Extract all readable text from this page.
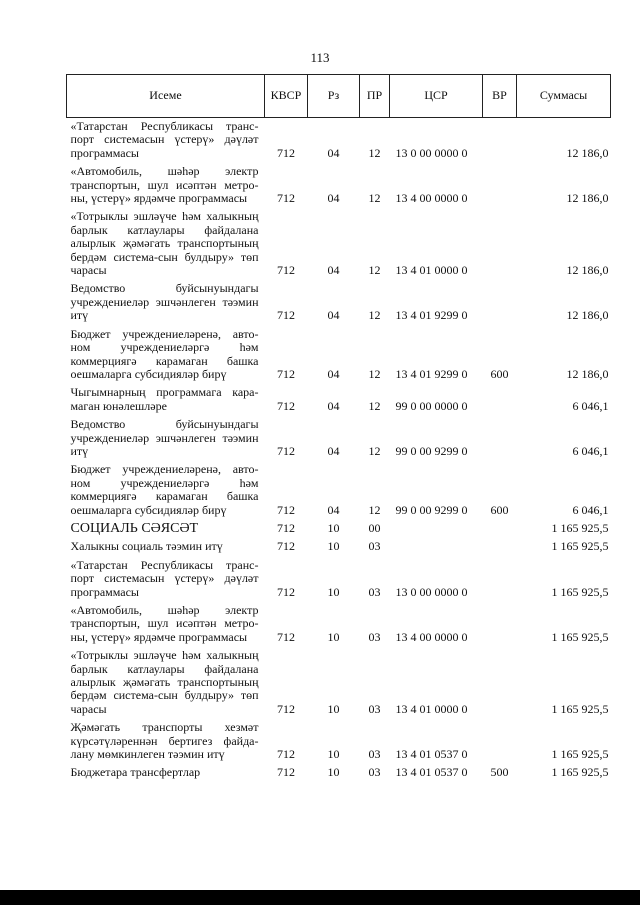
113
Исеме	КВСР	Рз	ПР	ЦСР	ВР	Суммасы
«Татарстан Республикасы транс-порт системасын үстерү» дәүләт программасы	712	04	12	13 0 00 0000 0		12 186,0
«Автомобиль, шәһәр электр транспортын, шул исәптән метро-ны, үстерү» ярдәмче программасы	712	04	12	13 4 00 0000 0		12 186,0
«Тотрыклы эшләүче һәм халыкның барлык катлаулары файдалана алырлык җәмәгать транспортының бердәм системa-сын булдыру» төп чарасы	712	04	12	13 4 01 0000 0		12 186,0
Ведомство буйсынуындагы учреждениеләр эшчәнлеген тәэмин итү	712	04	12	13 4 01 9299 0		12 186,0
Бюджет учреждениеләренә, авто-ном учреждениеләргә һәм коммерциягә карамаган башка оешмаларга субсидияләр бирү	712	04	12	13 4 01 9299 0	600	12 186,0
Чыгымнарның программага кара-маган юнәлешләре	712	04	12	99 0 00 0000 0		6 046,1
Ведомство буйсынуындагы учреждениеләр эшчәнлеген тәэмин итү	712	04	12	99 0 00 9299 0		6 046,1
Бюджет учреждениеләренә, авто-ном учреждениеләргә һәм коммерциягә карамаган башка оешмаларга субсидияләр бирү	712	04	12	99 0 00 9299 0	600	6 046,1
СОЦИАЛЬ СӘЯСӘТ	712	10	00			1 165 925,5
Халыкны социаль тәэмин итү	712	10	03			1 165 925,5
«Татарстан Республикасы транс-порт системасын үстерү» дәүләт программасы	712	10	03	13 0 00 0000 0		1 165 925,5
«Автомобиль, шәһәр электр транспортын, шул исәптән метро-ны, үстерү» ярдәмче программасы	712	10	03	13 4 00 0000 0		1 165 925,5
«Тотрыклы эшләүче һәм халыкның барлык катлаулары файдалана алырлык җәмәгать транспортының бердәм системa-сын булдыру» төп чарасы	712	10	03	13 4 01 0000 0		1 165 925,5
Җәмәгать транспорты хезмәт күрсәтүләреннән бертигез файда-лану мөмкинлеген тәэмин итү	712	10	03	13 4 01 0537 0		1 165 925,5
Бюджетара трансфертлар	712	10	03	13 4 01 0537 0	500	1 165 925,5
